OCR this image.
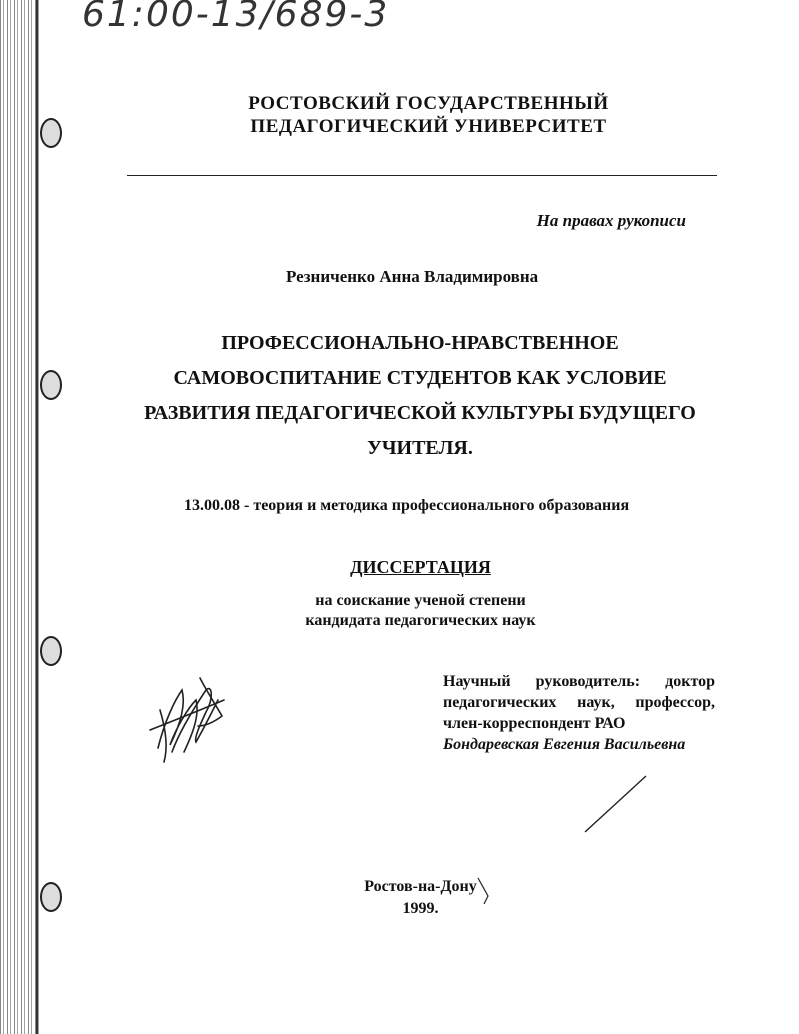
61:00-13/689-3
РОСТОВСКИЙ ГОСУДАРСТВЕННЫЙ
ПЕДАГОГИЧЕСКИЙ УНИВЕРСИТЕТ
На правах рукописи
Резниченко Анна Владимировна
ПРОФЕССИОНАЛЬНО-НРАВСТВЕННОЕ
САМОВОСПИТАНИЕ СТУДЕНТОВ КАК УСЛОВИЕ
РАЗВИТИЯ ПЕДАГОГИЧЕСКОЙ КУЛЬТУРЫ БУДУЩЕГО
УЧИТЕЛЯ.
13.00.08 - теория и методика профессионального образования
ДИССЕРТАЦИЯ
на соискание ученой степени
кандидата педагогических наук
Научный руководитель: доктор
педагогических наук, профессор,
член-корреспондент РАО
Бондаревская Евгения Васильевна
Ростов-на-Дону
1999.
